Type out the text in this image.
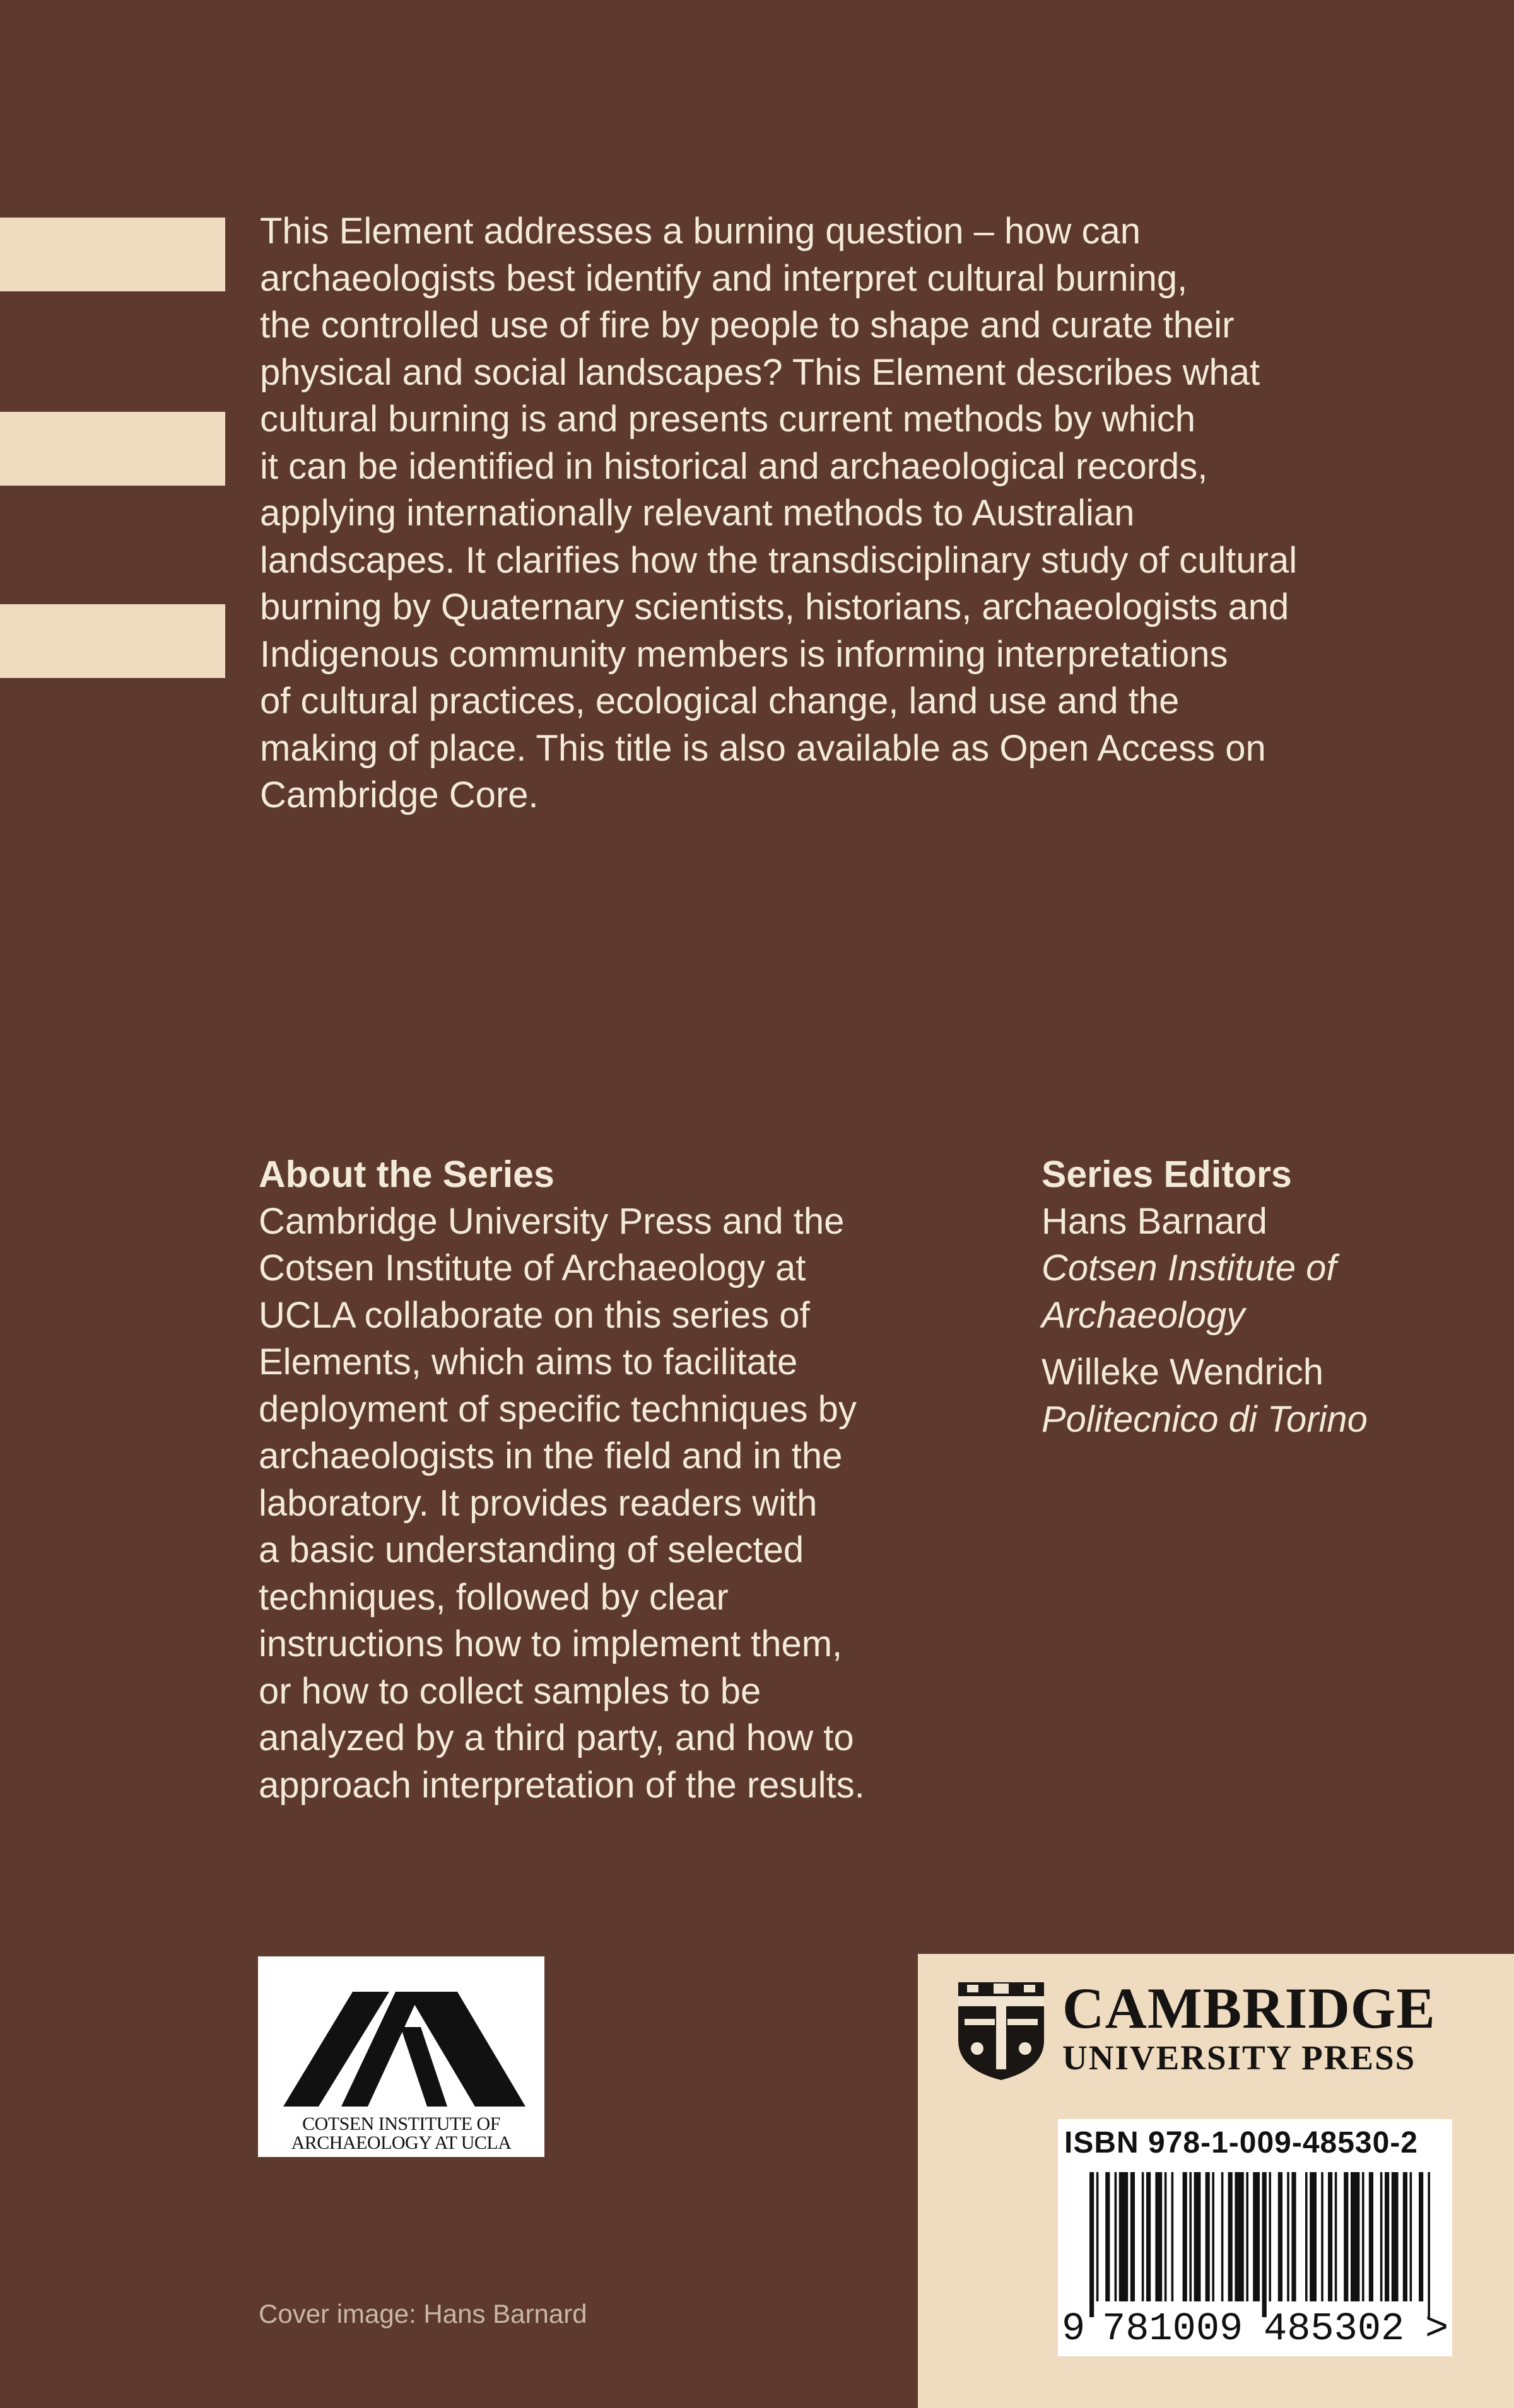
This Element addresses a burning question – how can
archaeologists best identify and interpret cultural burning,
the controlled use of fire by people to shape and curate their
physical and social landscapes? This Element describes what
cultural burning is and presents current methods by which
it can be identified in historical and archaeological records,
applying internationally relevant methods to Australian
landscapes. It clarifies how the transdisciplinary study of cultural
burning by Quaternary scientists, historians, archaeologists and
Indigenous community members is informing interpretations
of cultural practices, ecological change, land use and the
making of place. This title is also available as Open Access on
Cambridge Core.
About the Series
Cambridge University Press and the
Cotsen Institute of Archaeology at
UCLA collaborate on this series of
Elements, which aims to facilitate
deployment of specific techniques by
archaeologists in the field and in the
laboratory. It provides readers with
a basic understanding of selected
techniques, followed by clear
instructions how to implement them,
or how to collect samples to be
analyzed by a third party, and how to
approach interpretation of the results.
Series Editors
Hans Barnard
Cotsen Institute of
Archaeology
Willeke Wendrich
Politecnico di Torino
COTSEN INSTITUTE OF
ARCHAEOLOGY AT UCLA
Cover image: Hans Barnard
CAMBRIDGE
UNIVERSITY PRESS
ISBN 978-1-009-48530-2
9 781009 485302 >
